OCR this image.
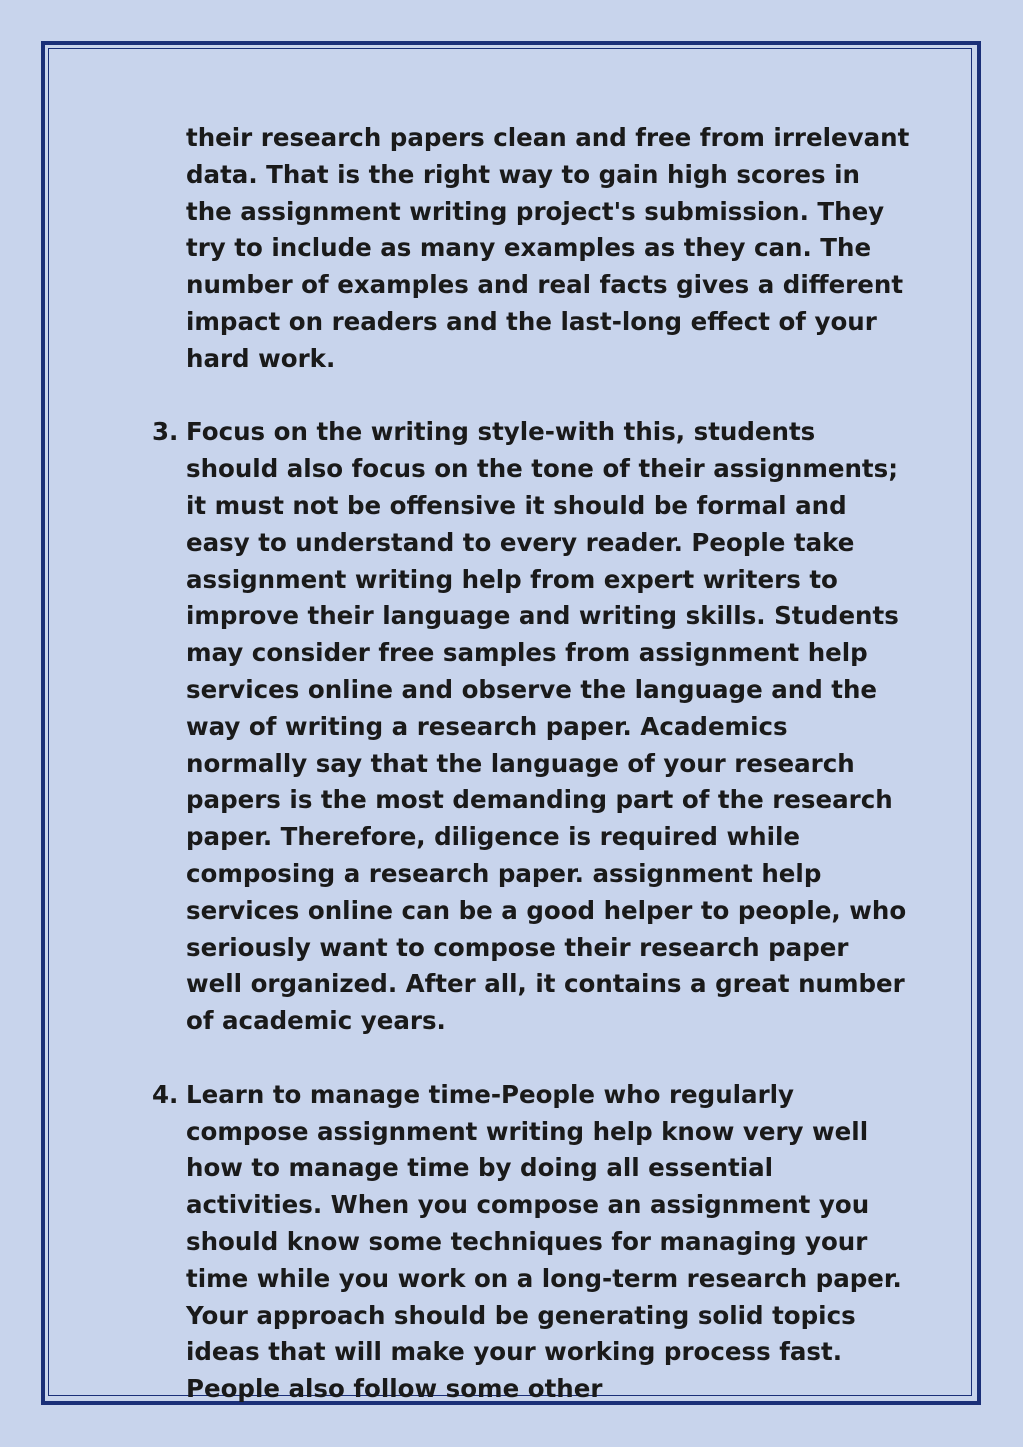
their research papers clean and free from irrelevant data. That is the right way to gain high scores in the assignment writing project's submission. They try to include as many examples as they can. The number of examples and real facts gives a different impact on readers and the last-long effect of your hard work.

3. Focus on the writing style-with this, students should also focus on the tone of their assignments; it must not be offensive it should be formal and easy to understand to every reader. People take assignment writing help from expert writers to improve their language and writing skills. Students may consider free samples from assignment help services online and observe the language and the way of writing a research paper. Academics normally say that the language of your research papers is the most demanding part of the research paper. Therefore, diligence is required while composing a research paper. assignment help services online can be a good helper to people, who seriously want to compose their research paper well organized. After all, it contains a great number of academic years.
4. Learn to manage time-People who regularly compose assignment writing help know very well how to manage time by doing all essential activities. When you compose an assignment you should know some techniques for managing your time while you work on a long-term research paper. Your approach should be generating solid topics ideas that will make your working process fast. People also follow some other
